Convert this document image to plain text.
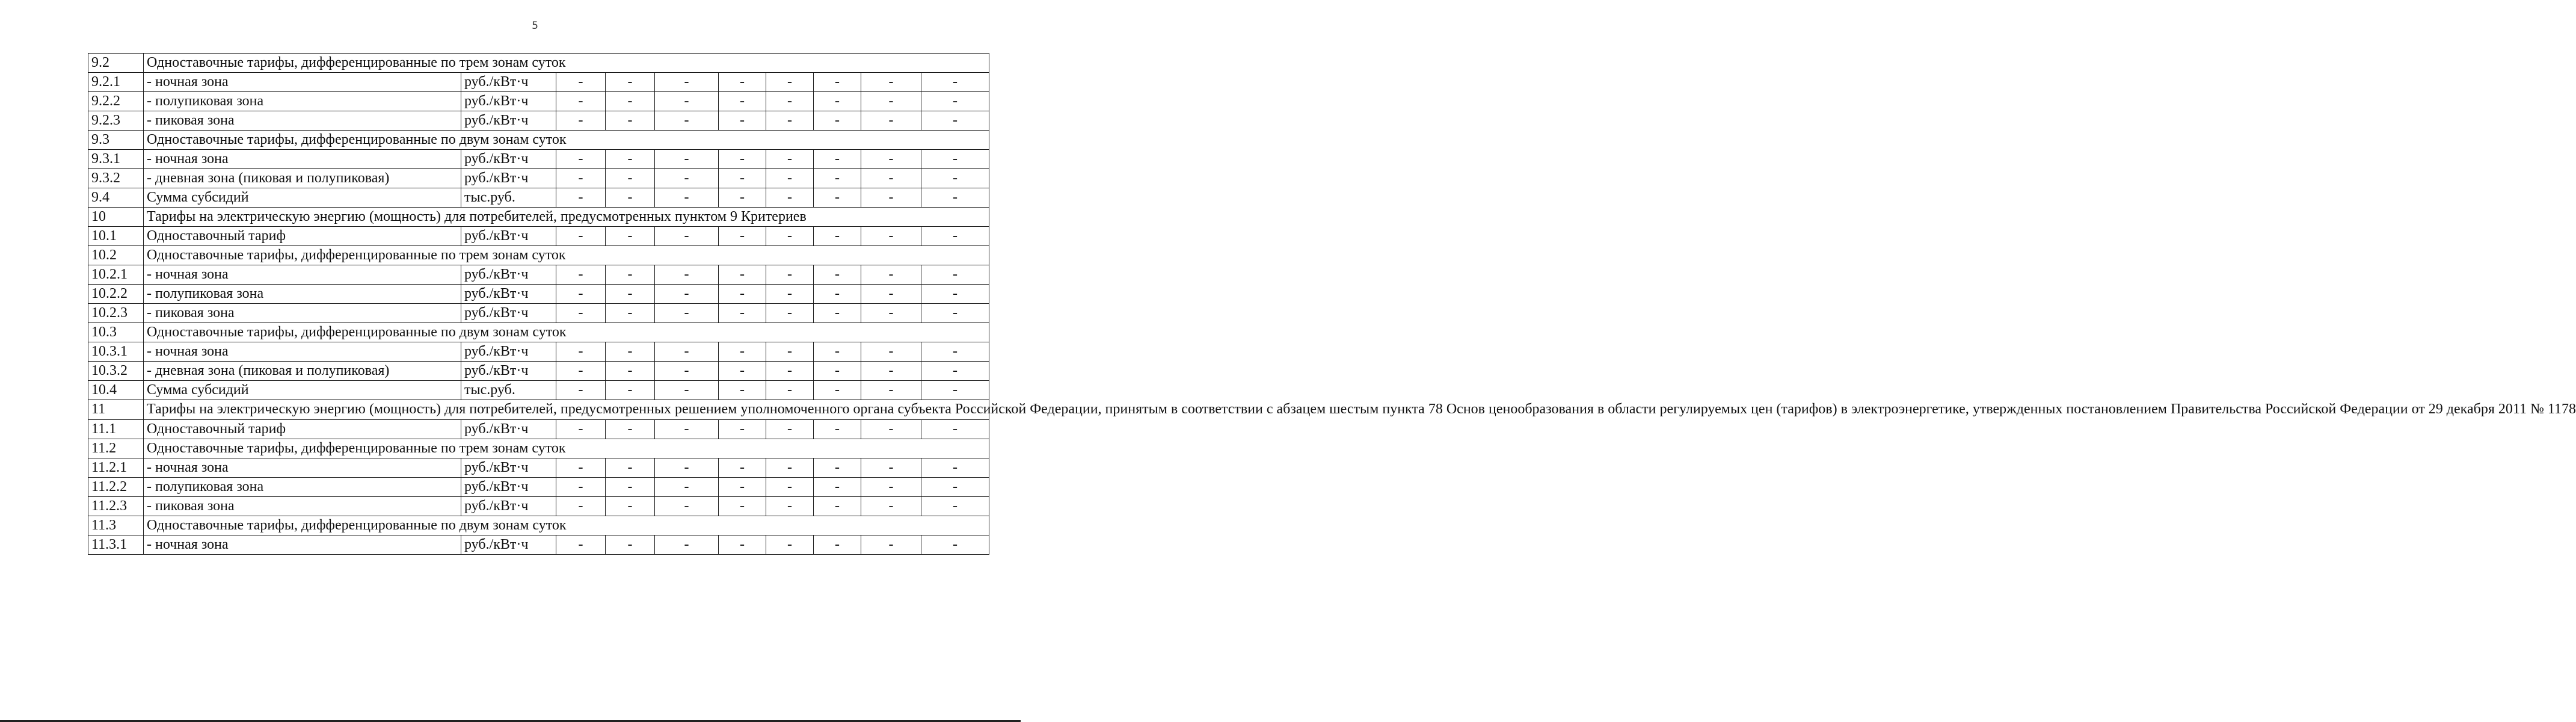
5
9.2	Одноставочные тарифы, дифференцированные по трем зонам суток									
9.2.1	- ночная зона	руб./кВт·ч	-	-	-	-	-	-	-	-
9.2.2	- полупиковая зона	руб./кВт·ч	-	-	-	-	-	-	-	-
9.2.3	- пиковая зона	руб./кВт·ч	-	-	-	-	-	-	-	-
9.3	Одноставочные тарифы, дифференцированные по двум зонам суток									
9.3.1	- ночная зона	руб./кВт·ч	-	-	-	-	-	-	-	-
9.3.2	- дневная зона (пиковая и полупиковая)	руб./кВт·ч	-	-	-	-	-	-	-	-
9.4	Сумма субсидий	тыс.руб.	-	-	-	-	-	-	-	-
10	Тарифы на электрическую энергию (мощность) для потребителей, предусмотренных пунктом 9 Критериев									
10.1	Одноставочный тариф	руб./кВт·ч	-	-	-	-	-	-	-	-
10.2	Одноставочные тарифы, дифференцированные по трем зонам суток									
10.2.1	- ночная зона	руб./кВт·ч	-	-	-	-	-	-	-	-
10.2.2	- полупиковая зона	руб./кВт·ч	-	-	-	-	-	-	-	-
10.2.3	- пиковая зона	руб./кВт·ч	-	-	-	-	-	-	-	-
10.3	Одноставочные тарифы, дифференцированные по двум зонам суток									
10.3.1	- ночная зона	руб./кВт·ч	-	-	-	-	-	-	-	-
10.3.2	- дневная зона (пиковая и полупиковая)	руб./кВт·ч	-	-	-	-	-	-	-	-
10.4	Сумма субсидий	тыс.руб.	-	-	-	-	-	-	-	-
11	Тарифы на электрическую энергию (мощность) для потребителей, предусмотренных решением уполномоченного органа субъекта Российской Федерации, принятым в соответствии с абзацем шестым пункта 78 Основ ценообразования в области регулируемых цен (тарифов) в электроэнергетике, утвержденных постановлением Правительства Российской Федерации от 29 декабря 2011 № 1178									
11.1	Одноставочный тариф	руб./кВт·ч	-	-	-	-	-	-	-	-
11.2	Одноставочные тарифы, дифференцированные по трем зонам суток									
11.2.1	- ночная зона	руб./кВт·ч	-	-	-	-	-	-	-	-
11.2.2	- полупиковая зона	руб./кВт·ч	-	-	-	-	-	-	-	-
11.2.3	- пиковая зона	руб./кВт·ч	-	-	-	-	-	-	-	-
11.3	Одноставочные тарифы, дифференцированные по двум зонам суток									
11.3.1	- ночная зона	руб./кВт·ч	-	-	-	-	-	-	-	-
